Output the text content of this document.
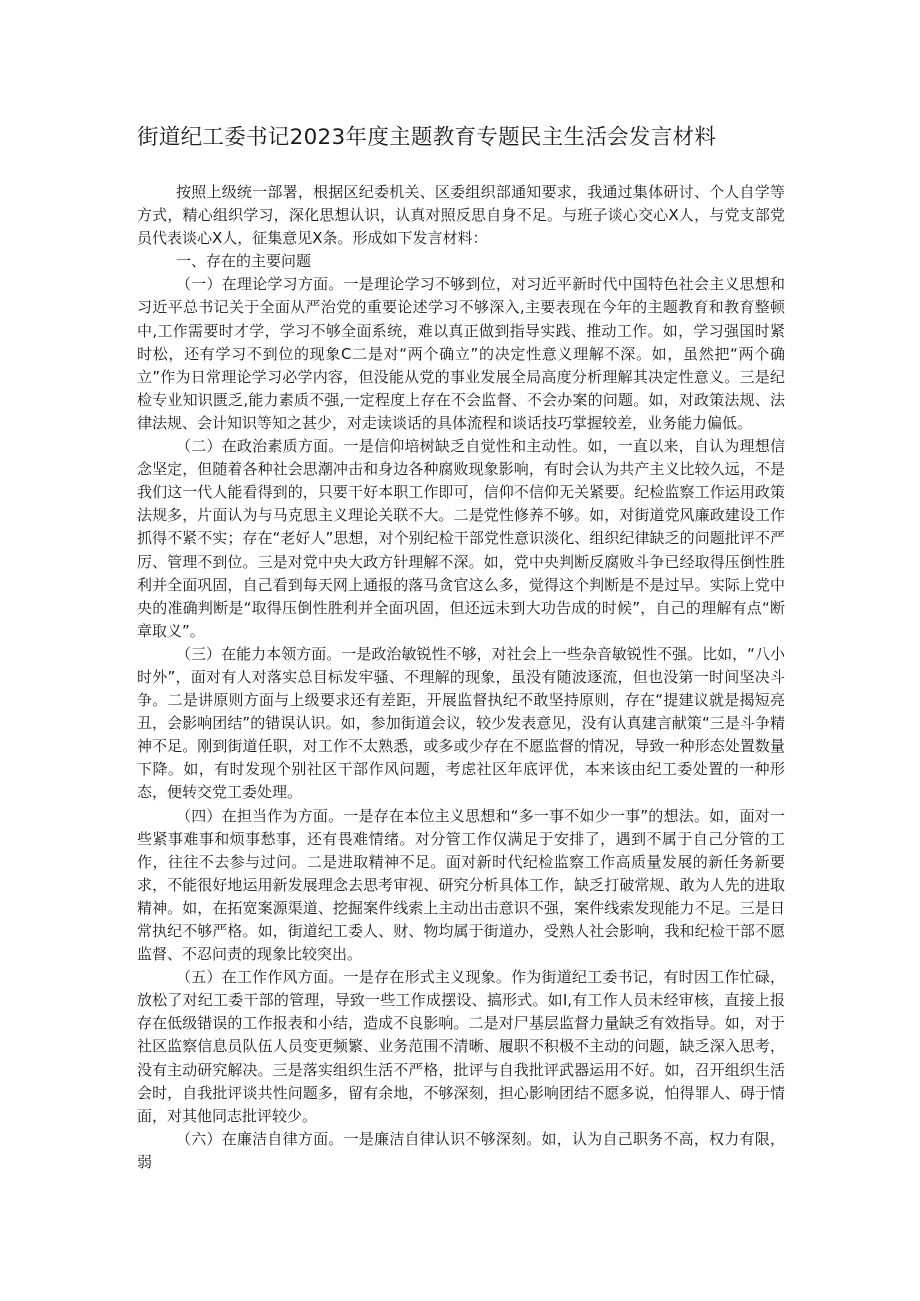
街道纪工委书记2023年度主题教育专题民主生活会发言材料

按照上级统一部署，根据区纪委机关、区委组织部通知要求，我通过集体研讨、个人自学等方式，精心组织学习，深化思想认识，认真对照反思自身不足。与班子谈心交心X人，与党支部党员代表谈心X人，征集意见X条。形成如下发言材料：

一、存在的主要问题

（一）在理论学习方面。一是理论学习不够到位，对习近平新时代中国特色社会主义思想和习近平总书记关于全面从严治党的重要论述学习不够深入,主要表现在今年的主题教育和教育整顿中,工作需要时才学，学习不够全面系统，难以真正做到指导实践、推动工作。如，学习强国时紧时松，还有学习不到位的现象C二是对“两个确立”的决定性意义理解不深。如，虽然把“两个确立”作为日常理论学习必学内容，但没能从党的事业发展全局高度分析理解其决定性意义。三是纪检专业知识匮乏,能力素质不强,一定程度上存在不会监督、不会办案的问题。如，对政策法规、法律法规、会计知识等知之甚少，对走读谈话的具体流程和谈话技巧掌握较差，业务能力偏低。

（二）在政治素质方面。一是信仰培树缺乏自觉性和主动性。如，一直以来，自认为理想信念坚定，但随着各种社会思潮冲击和身边各种腐败现象影响，有时会认为共产主义比较久远，不是我们这一代人能看得到的，只要干好本职工作即可，信仰不信仰无关紧要。纪检监察工作运用政策法规多，片面认为与马克思主义理论关联不大。二是党性修养不够。如，对街道党风廉政建设工作抓得不紧不实；存在“老好人”思想，对个别纪检干部党性意识淡化、组织纪律缺乏的问题批评不严厉、管理不到位。三是对党中央大政方针理解不深。如，党中央判断反腐败斗争已经取得压倒性胜利并全面巩固，自己看到每天网上通报的落马贪官这么多，觉得这个判断是不是过早。实际上党中央的准确判断是“取得压倒性胜利并全面巩固，但还远未到大功告成的时候”，自己的理解有点“断章取义”。

（三）在能力本领方面。一是政治敏锐性不够，对社会上一些杂音敏锐性不强。比如，“八小时外”，面对有人对落实总目标发牢骚、不理解的现象，虽没有随波逐流，但也没第一时间坚决斗争。二是讲原则方面与上级要求还有差距，开展监督执纪不敢坚持原则，存在“提建议就是揭短亮丑，会影响团结”的错误认识。如，参加街道会议，较少发表意见，没有认真建言献策“三是斗争精神不足。刚到街道任职，对工作不太熟悉，或多或少存在不愿监督的情况，导致一种形态处置数量下降。如，有时发现个别社区干部作风问题，考虑社区年底评优，本来该由纪工委处置的一种形态，便转交党工委处理。

（四）在担当作为方面。一是存在本位主义思想和“多一事不如少一事”的想法。如，面对一些紧事难事和烦事愁事，还有畏难情绪。对分管工作仅满足于安排了，遇到不属于自己分管的工作，往往不去参与过问。二是进取精神不足。面对新时代纪检监察工作高质量发展的新任务新要求，不能很好地运用新发展理念去思考审视、研究分析具体工作，缺乏打破常规、敢为人先的进取精神。如，在拓宽案源渠道、挖掘案件线索上主动出击意识不强，案件线索发现能力不足。三是日常执纪不够严格。如，街道纪工委人、财、物均属于街道办，受熟人社会影响，我和纪检干部不愿监督、不忍问责的现象比较突出。

（五）在工作作风方面。一是存在形式主义现象。作为街道纪工委书记，有时因工作忙碌，放松了对纪工委干部的管理，导致一些工作成摆设、搞形式。如I,有工作人员未经审核，直接上报存在低级错误的工作报表和小结，造成不良影响。二是对尸基层监督力量缺乏有效指导。如，对于社区监察信息员队伍人员变更频繁、业务范围不清晰、履职不积极不主动的问题，缺乏深入思考，没有主动研究解决。三是落实组织生活不严格，批评与自我批评武器运用不好。如，召开组织生活会时，自我批评谈共性问题多，留有余地，不够深刻，担心影响团结不愿多说，怕得罪人、碍于情面，对其他同志批评较少。

（六）在廉洁自律方面。一是廉洁自律认识不够深刻。如，认为自己职务不高，权力有限，弱
